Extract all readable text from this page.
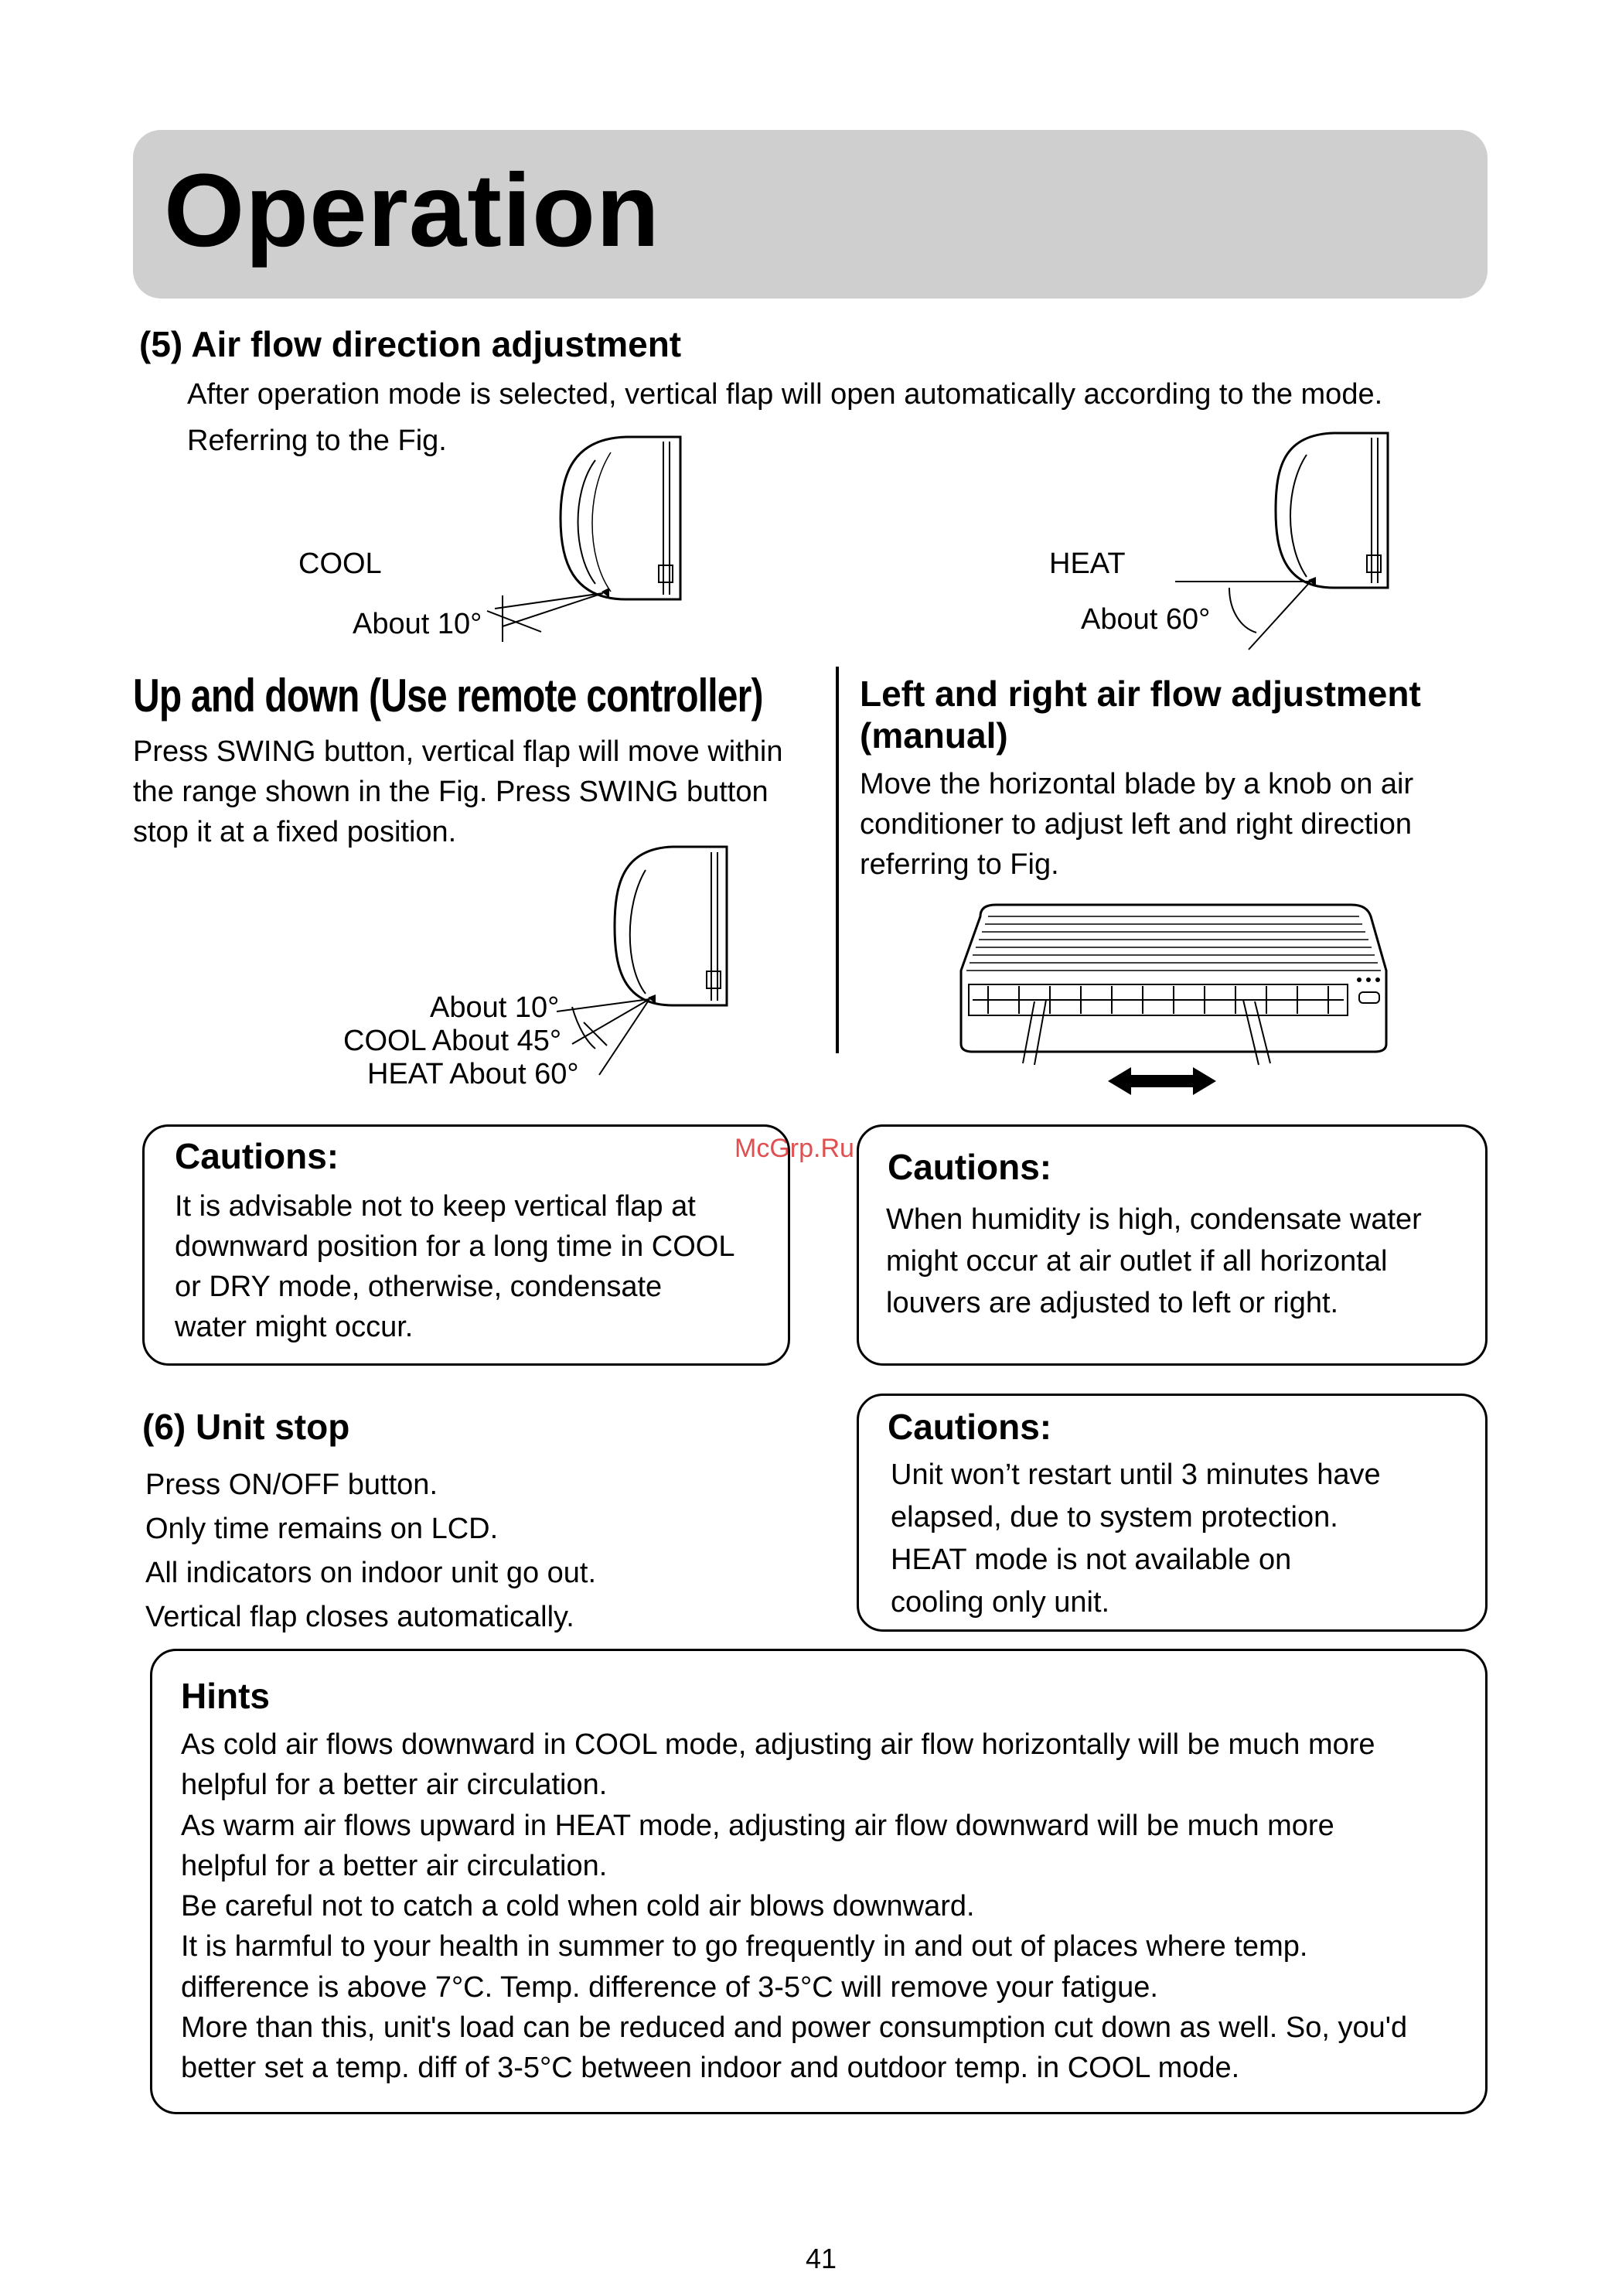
Operation
(5) Air flow direction adjustment
After operation mode is selected, vertical flap will open automatically according to the mode.
Referring to the Fig.
COOL
About 10°
HEAT
About 60°
Up and down (Use remote controller)
Press SWING button, vertical flap will move within
the range shown in the Fig. Press SWING button
stop it at a fixed position.
About 10°
COOL About 45°
HEAT About 60°
Left and right air flow adjustment
(manual)
Move the horizontal blade by a knob on air
conditioner to adjust left and right direction
referring to Fig.
McGrp.Ru
Cautions:
It is advisable not to keep vertical flap at
downward position for a long time in COOL
or DRY mode, otherwise, condensate
water might occur.
Cautions:
When humidity is high, condensate water
might occur at air outlet if all horizontal
louvers are adjusted to left or right.
(6) Unit stop
Press ON/OFF button.
Only time remains on LCD.
All indicators on indoor unit go out.
Vertical flap closes automatically.
Cautions:
Unit won’t restart until 3 minutes have
elapsed, due to system protection.
HEAT mode is not available on
cooling only unit.
Hints
As cold air flows downward in COOL mode, adjusting air flow horizontally will be much more
helpful for a better air circulation.
As warm air flows upward in HEAT mode, adjusting air flow downward will be much more
helpful for a better air circulation.
Be careful not to catch a cold when cold air blows downward.
It is harmful to your health in summer to go frequently in and out of places where temp.
difference is above 7°C. Temp. difference of 3-5°C will remove your fatigue.
More than this, unit's load can be reduced and power consumption cut down as well. So, you'd
better set a temp. diff of 3-5°C between indoor and outdoor temp. in COOL mode.
41
